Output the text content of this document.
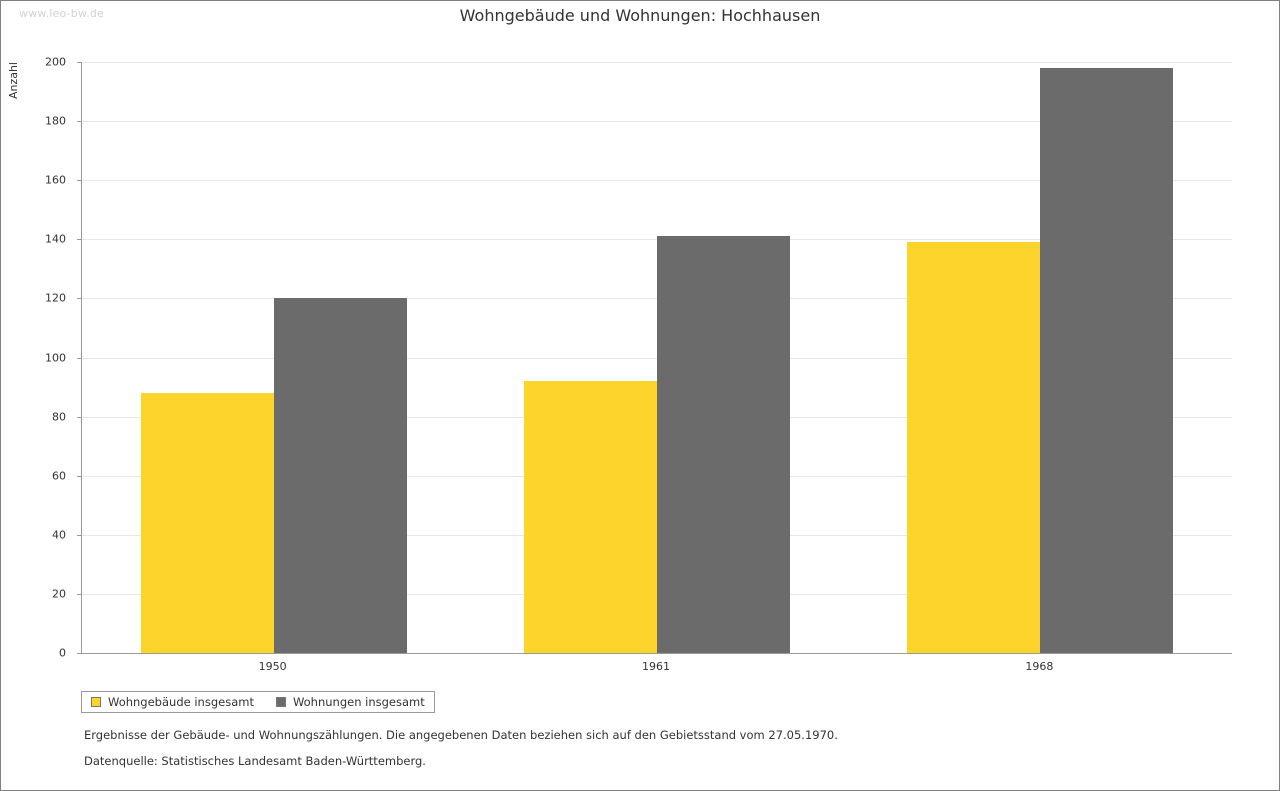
www.leo-bw.de	Wohngebäude und Wohnungen: Hochhausen
Anzahl
Wohngebäude insgesamt	Wohnungen insgesamt
Ergebnisse der Gebäude- und Wohnungszählungen. Die angegebenen Daten beziehen sich auf den Gebietsstand vom 27.05.1970.
Datenquelle: Statistisches Landesamt Baden-Württemberg.
0
20
40
60
80
100
120
140
160
180
200
1950	1961	1968
